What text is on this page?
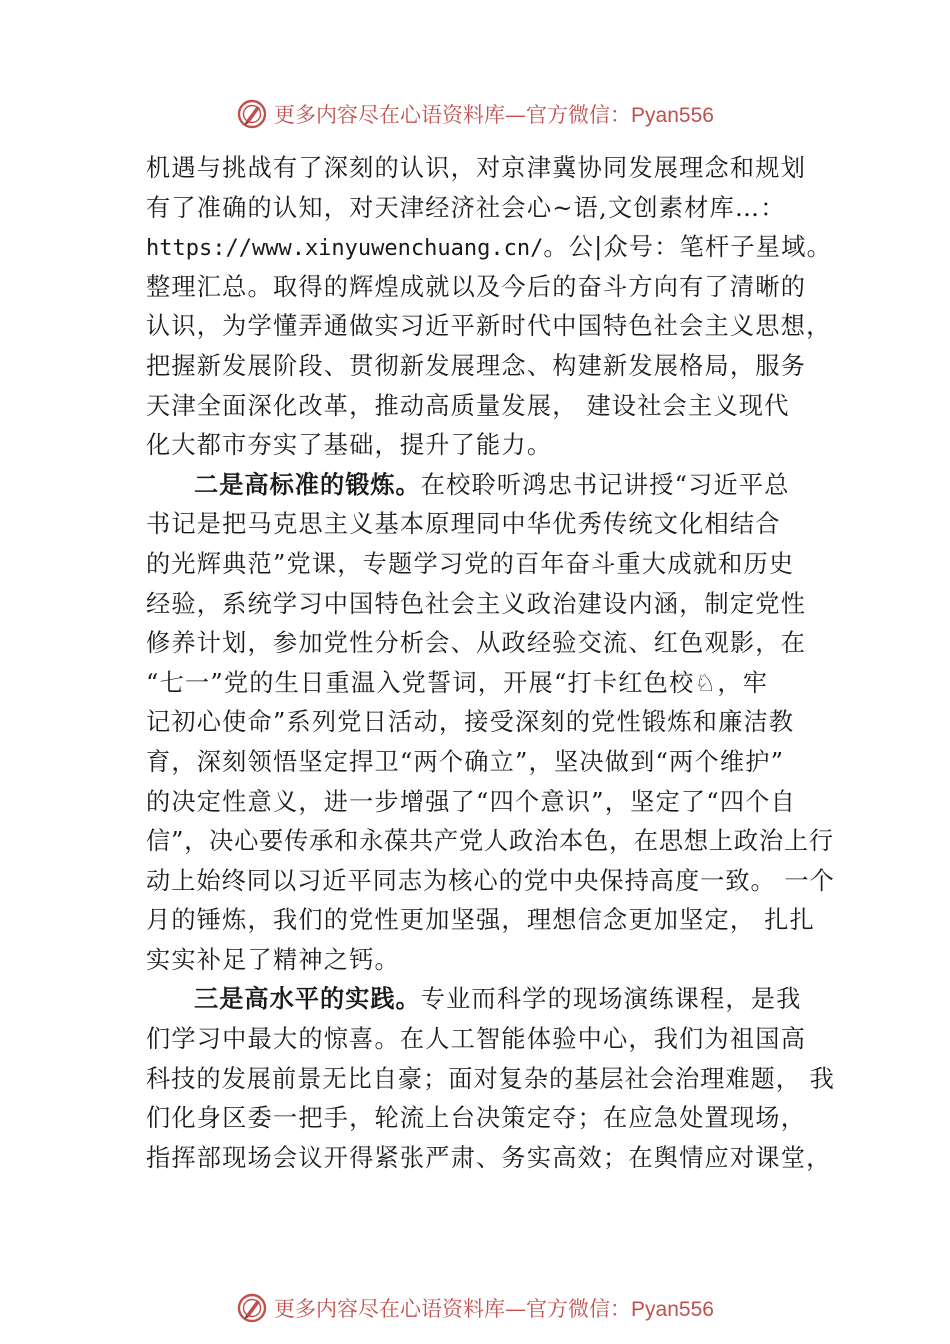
更多内容尽在心语资料库—官方微信：Pyan556
机遇与挑战有了深刻的认识，对京津冀协同发展理念和规划
有了准确的认知，对天津经济社会心~语,文创素材库…：
https://www.xinyuwenchuang.cn/。公|众号：笔杆子星域。
整理汇总。取得的辉煌成就以及今后的奋斗方向有了清晰的
认识，为学懂弄通做实习近平新时代中国特色社会主义思想，
把握新发展阶段、贯彻新发展理念、构建新发展格局，服务
天津全面深化改革，推动高质量发展， 建设社会主义现代
化大都市夯实了基础，提升了能力。
二是高标准的锻炼。在校聆听鸿忠书记讲授“习近平总
书记是把马克思主义基本原理同中华优秀传统文化相结合
的光辉典范”党课，专题学习党的百年奋斗重大成就和历史
经验，系统学习中国特色社会主义政治建设内涵，制定党性
修养计划，参加党性分析会、从政经验交流、红色观影，在
“七一”党的生日重温入党誓词，开展“打卡红色校♘，牢
记初心使命”系列党日活动，接受深刻的党性锻炼和廉洁教
育，深刻领悟坚定捍卫“两个确立”，坚决做到“两个维护”
的决定性意义，进一步增强了“四个意识”，坚定了“四个自
信”，决心要传承和永葆共产党人政治本色，在思想上政治上行
动上始终同以习近平同志为核心的党中央保持高度一致。 一个
月的锤炼，我们的党性更加坚强，理想信念更加坚定， 扎扎
实实补足了精神之钙。
三是高水平的实践。专业而科学的现场演练课程，是我
们学习中最大的惊喜。在人工智能体验中心，我们为祖国高
科技的发展前景无比自豪；面对复杂的基层社会治理难题， 我
们化身区委一把手，轮流上台决策定夺；在应急处置现场，
指挥部现场会议开得紧张严肃、务实高效；在舆情应对课堂，
更多内容尽在心语资料库—官方微信：Pyan556
